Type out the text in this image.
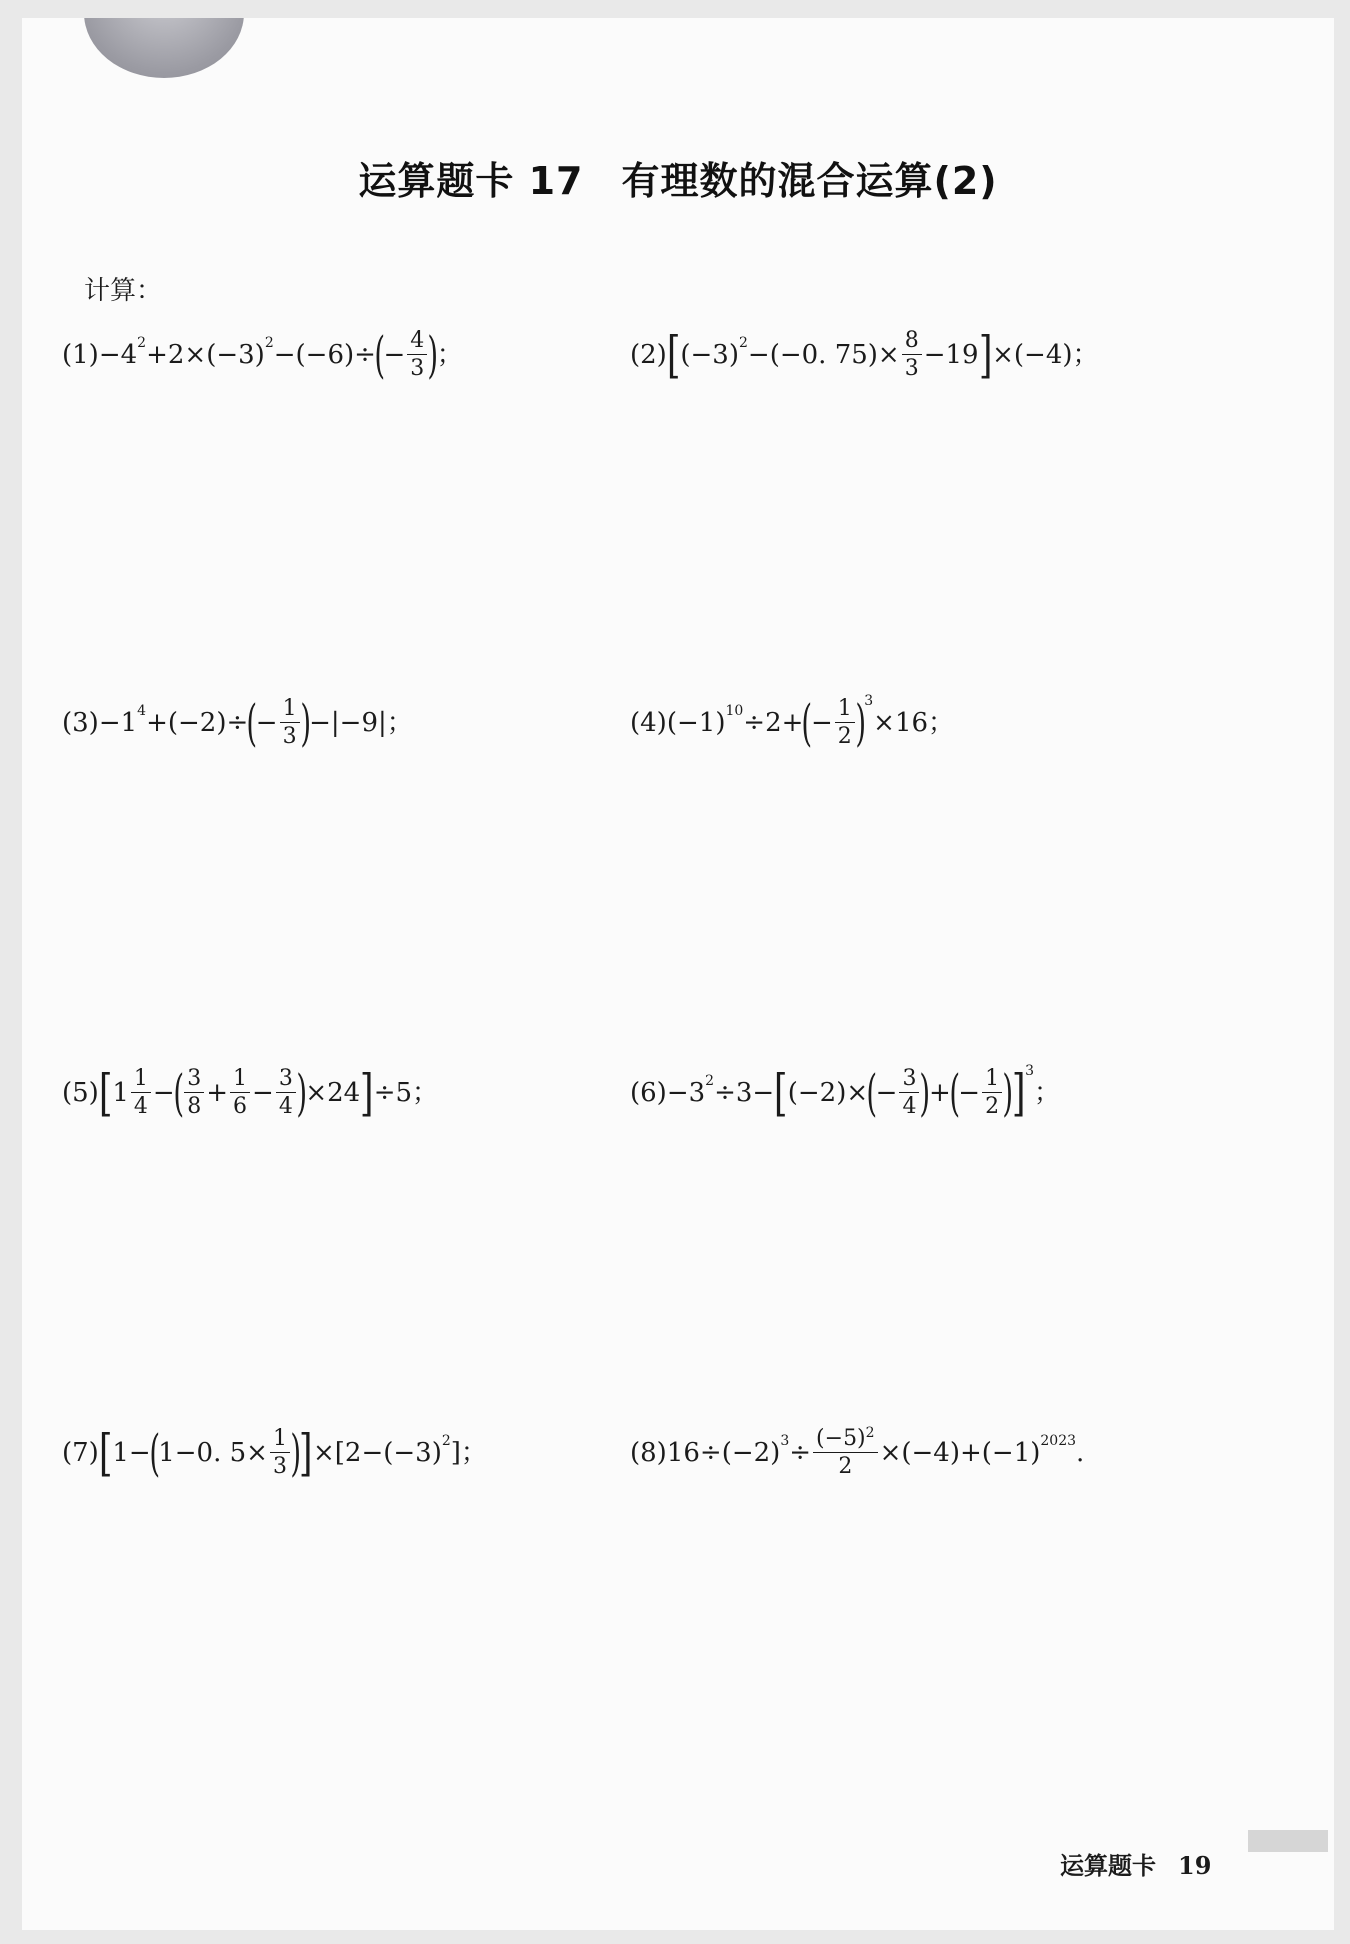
运算题卡 17 有理数的混合运算(2)
计算：
(1) −4 2 +2×(−3) 2 −(−6)÷
(
− $\frac{4}{3}$ )
；	(2) [ (−3) 2 −(−0. $75)\times \frac{8}{3} -19$ ] ×(−4)；
(3) −1 4 +(−2)÷
(
− $\frac{1}{3}$ )
−|−9|；	(4) (−1) 10 ÷2+
(
− $\frac{1}{2}$ )
3
×16；
(5) [ $1 \frac{1}{4}$ −
( $\frac{3}{8} + \frac{1}{6} - \frac{3}{4}$ )
×24 ] ÷5；	(6) −3 2 ÷3− [ (−2)×
(
− $\frac{3}{4}$ )
+
(
− $\frac{1}{2}$ )
] 3
；
(7) [ 1−
(
1−0. $5\times \frac{1}{3}$ )
] ×[2−(−3) 2 ]；	(8) 16÷(−2) $3 \div \frac{(-5)^2}{2} \times(-4)+(-1)$ 2023 .
运算题卡 19
